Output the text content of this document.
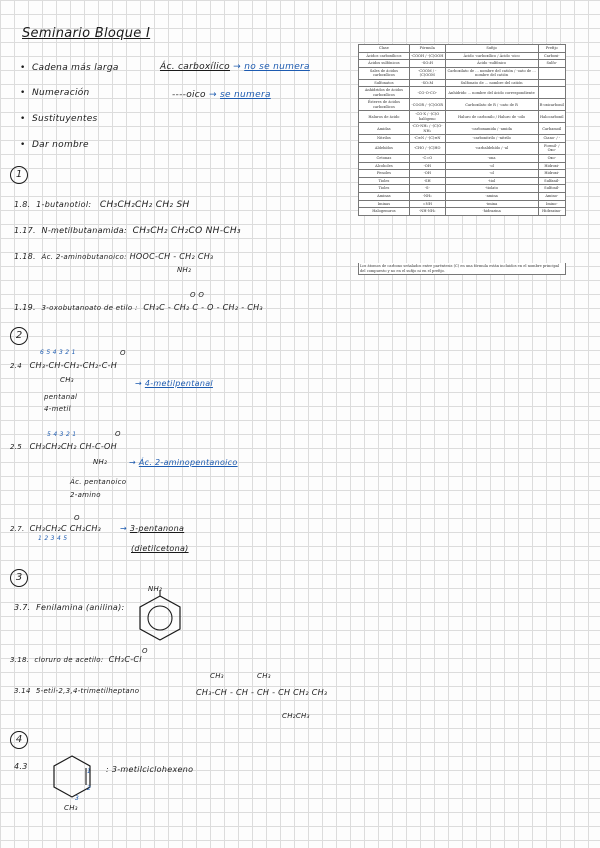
Seminario Bloque I
•  Cadena más larga	Ác. carboxílico → no se numera
•  Numeración	----oico → se numera
•  Sustituyentes
•  Dar nombre
Clase	Fórmula	Sufijo	Prefijo
Ácidos carboxílicos	-COOH / -(C)OOH	Ácido -carboxílico / Ácido -oico	Carboxi-
Ácidos sulfónicos	-SO₃H	Ácido -sulfónico	Sulfo-
Sales de ácidos carboxílicos	-COOM / -(C)OOM	Carboxilato de ... nombre del catión / -oato de ... nombre del catión	
Sulfonatos	-SO₃M	Sulfonato de ... nombre del catión	
Anhídridos de ácidos carboxílicos	-CO-O-CO-	Anhídrido ... nombre del ácido correspondiente	
Ésteres de ácidos carboxílicos	-COOR / -(C)OOR	Carboxilato de R / -oato de R	R-oxicarbonil
Haluros de ácido	-CO-X / -(C)O halógeno	Haluro de carbonilo / Haluro de -oilo	Halocarbonil
Amidas	-CO-NH₂ / -(C)O-NH₂	-carboxamida / -amida	Carbamoil
Nitrilos	-C≡N / -(C)≡N	-carbonitrilo / -nitrilo	Ciano- / -
Aldehídos	-CHO / -(C)HO	-carbaldehído / -al	Formil- / Oxo-
Cetonas	-C=O	-ona	Oxo-
Alcoholes	-OH	-ol	Hidroxi-
Fenoles	-OH	-ol	Hidroxi-
Tioles	-SH	-tiol	Sulfanil-
Tioles	-S-	-tiolato	Sulfonil-
Aminas	-NH₂	-amina	Amino-
Iminas	=NH	-imina	Imino-
Halogenuros	-NH-NH₂	-hidrazina	Hidrazino-
Los átomos de carbono señalados entre paréntesis (C) en una fórmula están incluidos en el nombre principal del compuesto y no en el sufijo ni en el prefijo.
1
1.8. 1-butanotiol: CH₃CH₂CH₂ CH₂ SH
1.17. N-metilbutanamida: CH₃CH₂ CH₂CO NH-CH₃
1.18. Ác. 2-aminobutanoico: HOOC-CH - CH₂ CH₃
NH₂
O O
1.19. 3-oxobutanoato de etilo : CH₃C - CH₂ C - O - CH₂ - CH₃
2
6 5 4 3 2 1	O
2.4 CH₃-CH-CH₂-CH₂-C-H
CH₃	→ 4-metilpentanal
pentanal
4-metil
5 4 3 2 1	O
2.5 CH₃CH₂CH₂ CH-C-OH
NH₂	→ Ác. 2-aminopentanoico
Ác. pentanoico
2-amino
O
2.7. CH₃CH₂C CH₂CH₃
1 2 3 4 5
→ 3-pentanona
(dietilcetona)
3
NH₂
3.7. Fenilamina (anilina):
O
3.18. cloruro de acetilo: CH₃C-Cl
CH₃	CH₃
3.14 5-etil-2,3,4-trimetilheptano	CH₃-CH - CH - CH - CH CH₂ CH₃
CH₂CH₃
4
4.3
1
2
3
CH₃
: 3-metilciclohexeno
